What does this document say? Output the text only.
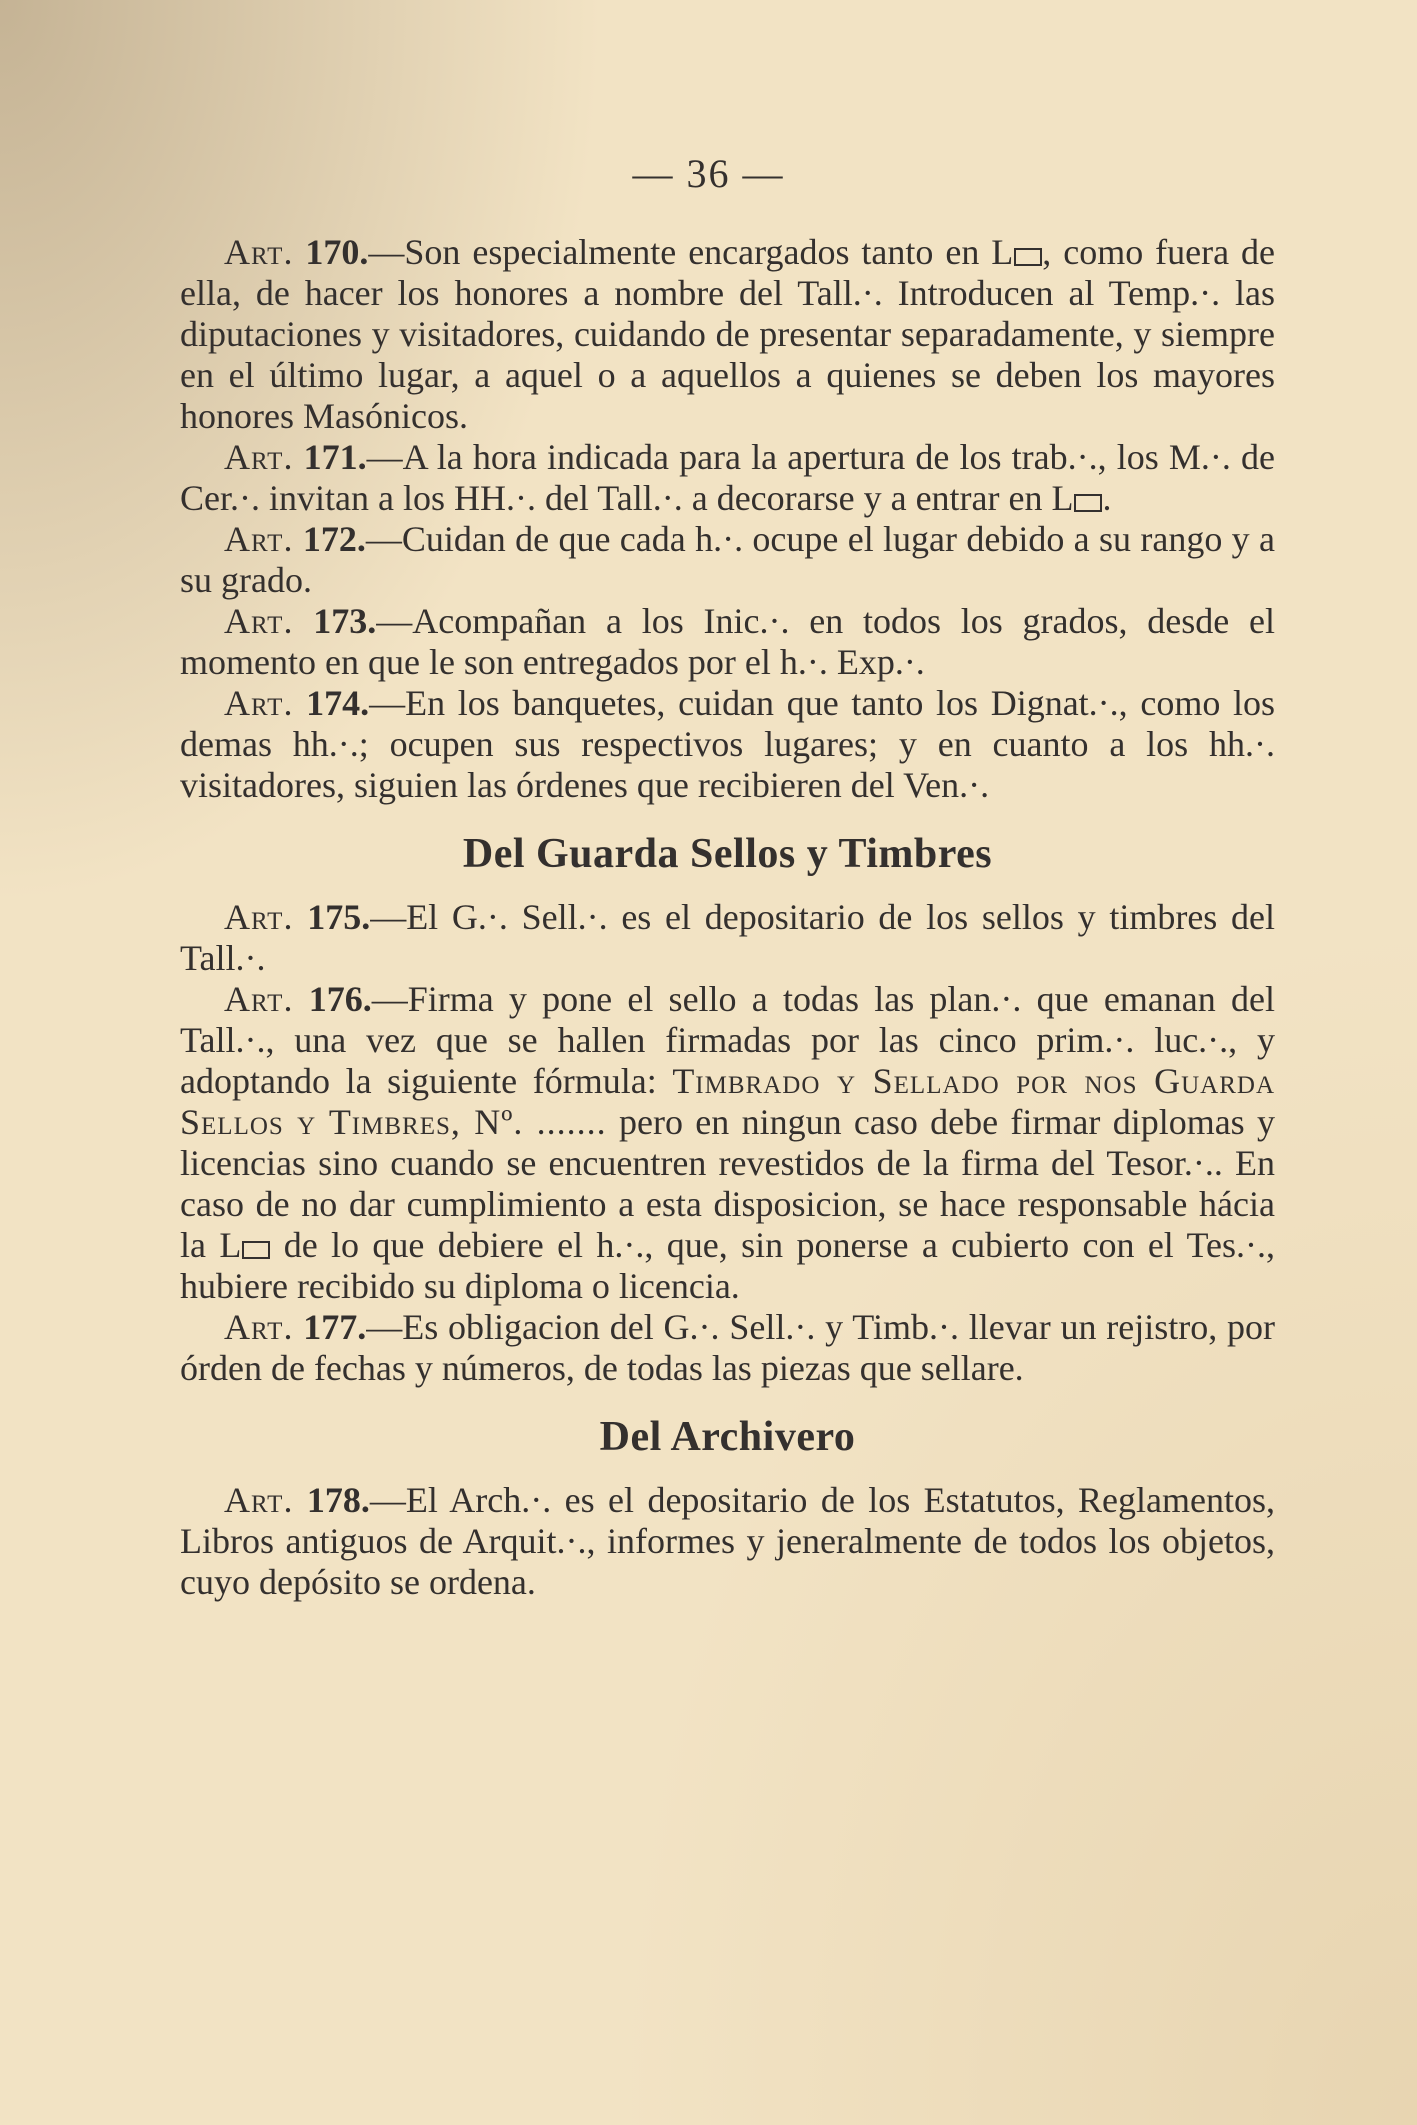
— 36 —

Art. 170.—Son especialmente encargados tanto en L , como fuera de ella, de hacer los honores a nombre del Tall.·. Introducen al Temp.·. las diputaciones y visitadores, cuidando de presentar separadamente, y siempre en el último lugar, a aquel o a aquellos a quienes se deben los mayores honores Masónicos.

Art. 171.—A la hora indicada para la apertura de los trab.·., los M.·. de Cer.·. invitan a los HH.·. del Tall.·. a decorarse y a entrar en L .

Art. 172.—Cuidan de que cada h.·. ocupe el lugar debido a su rango y a su grado.

Art. 173.—Acompañan a los Inic.·. en todos los grados, desde el momento en que le son entregados por el h.·. Exp.·.

Art. 174.—En los banquetes, cuidan que tanto los Dignat.·., como los demas hh.·.; ocupen sus respectivos lugares; y en cuanto a los hh.·. visitadores, siguien las órdenes que recibieren del Ven.·.

Del Guarda Sellos y Timbres

Art. 175.—El G.·. Sell.·. es el depositario de los sellos y timbres del Tall.·.

Art. 176.—Firma y pone el sello a todas las plan.·. que emanan del Tall.·., una vez que se hallen firmadas por las cinco prim.·. luc.·., y adoptando la siguiente fórmula: Timbrado y Sellado por nos Guarda Sellos y Timbres, Nº. ....... pero en ningun caso debe firmar diplomas y licencias sino cuando se encuentren revestidos de la firma del Tesor.·.. En caso de no dar cumplimiento a esta disposicion, se hace responsable hácia la L de lo que debiere el h.·., que, sin ponerse a cubierto con el Tes.·., hubiere recibido su diploma o licencia.

Art. 177.—Es obligacion del G.·. Sell.·. y Timb.·. llevar un rejistro, por órden de fechas y números, de todas las piezas que sellare.

Del Archivero

Art. 178.—El Arch.·. es el depositario de los Estatutos, Reglamentos, Libros antiguos de Arquit.·., informes y jeneralmente de todos los objetos, cuyo depósito se ordena.
